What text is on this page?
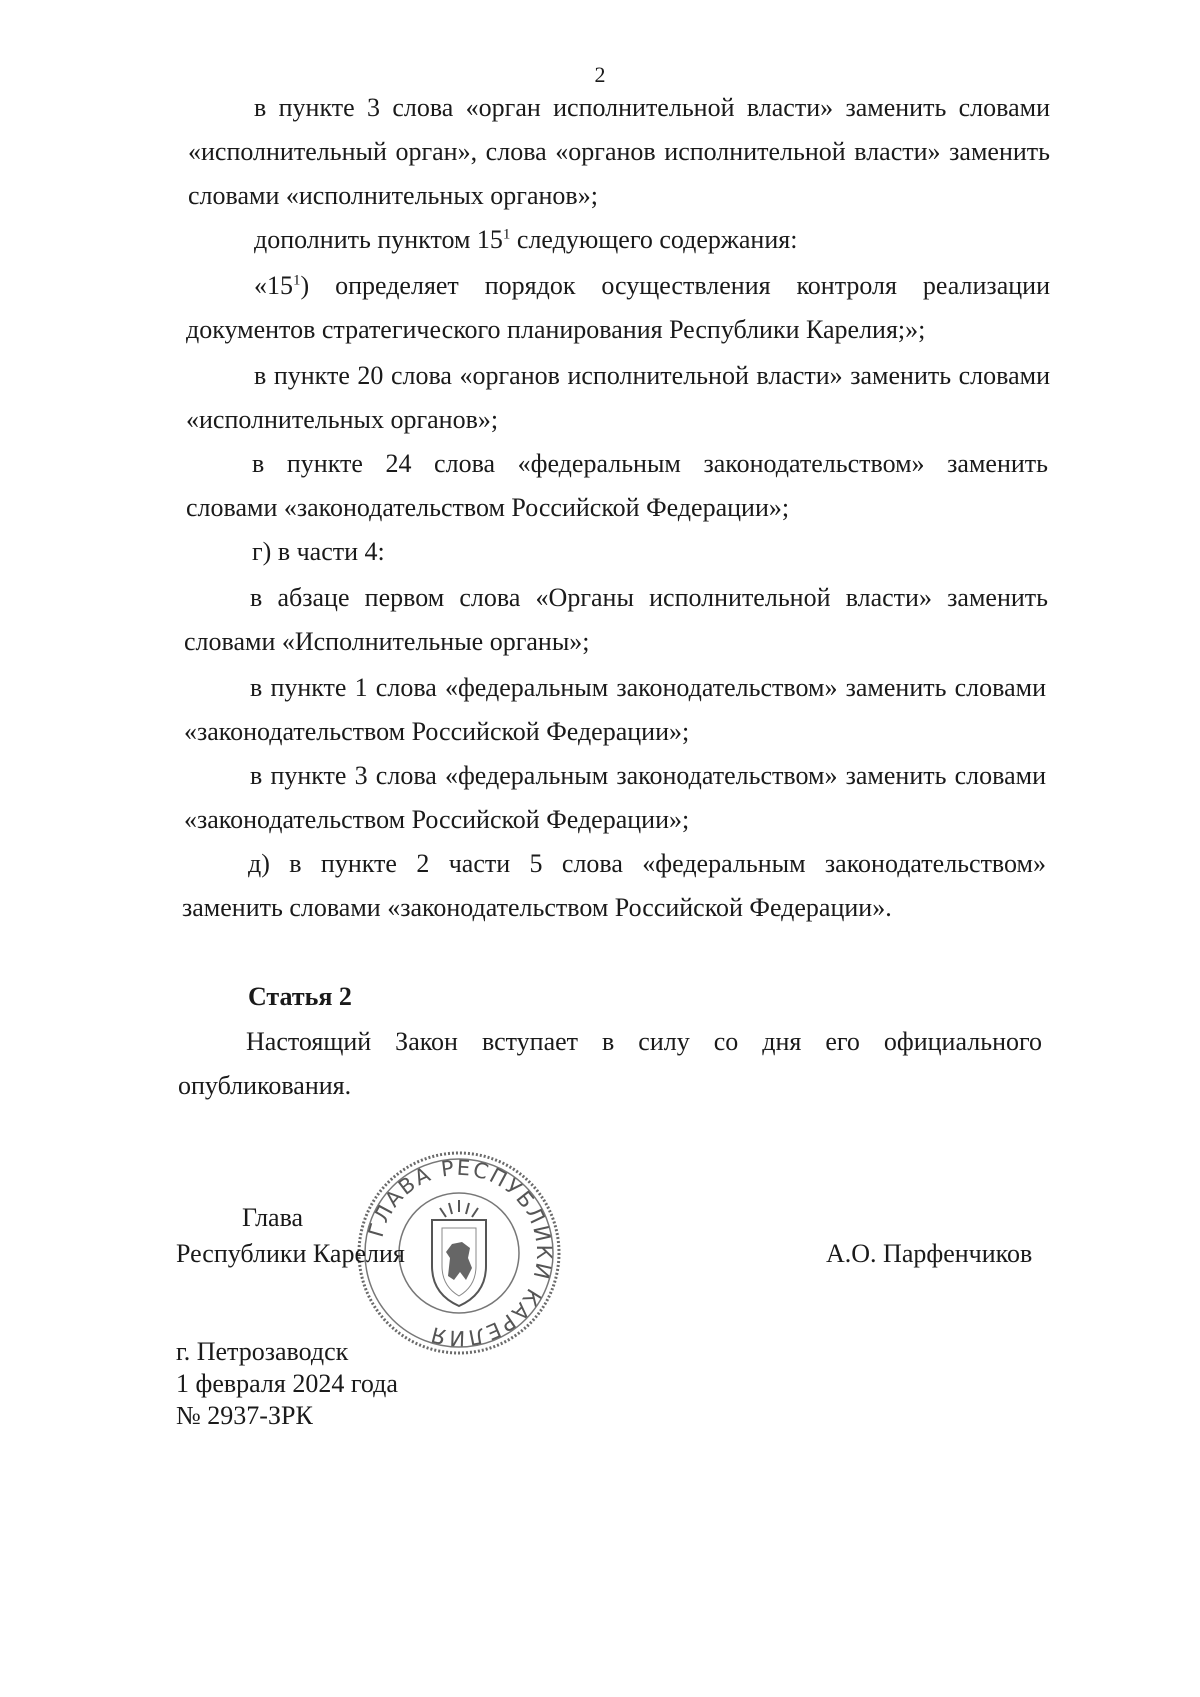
2
в пункте 3 слова «орган исполнительной власти» заменить словами
«исполнительный орган», слова «органов исполнительной власти» заменить
словами «исполнительных органов»;
дополнить пунктом $15^1$ следующего содержания:
«$15^1$) определяет порядок осуществления контроля реализации
документов стратегического планирования Республики Карелия;»;
в пункте 20 слова «органов исполнительной власти» заменить словами
«исполнительных органов»;
в пункте 24 слова «федеральным законодательством» заменить
словами «законодательством Российской Федерации»;
г) в части 4:
в абзаце первом слова «Органы исполнительной власти» заменить
словами «Исполнительные органы»;
в пункте 1 слова «федеральным законодательством» заменить словами
«законодательством Российской Федерации»;
в пункте 3 слова «федеральным законодательством» заменить словами
«законодательством Российской Федерации»;
д) в пункте 2 части 5 слова «федеральным законодательством»
заменить словами «законодательством Российской Федерации».
Статья 2
Настоящий Закон вступает в силу со дня его официального
опубликования.
ГЛАВА РЕСПУБЛИКИ КАРЕЛИЯ
Глава
Республики Карелия	А.О. Парфенчиков
г. Петрозаводск
1 февраля 2024 года
№ 2937-ЗРК
